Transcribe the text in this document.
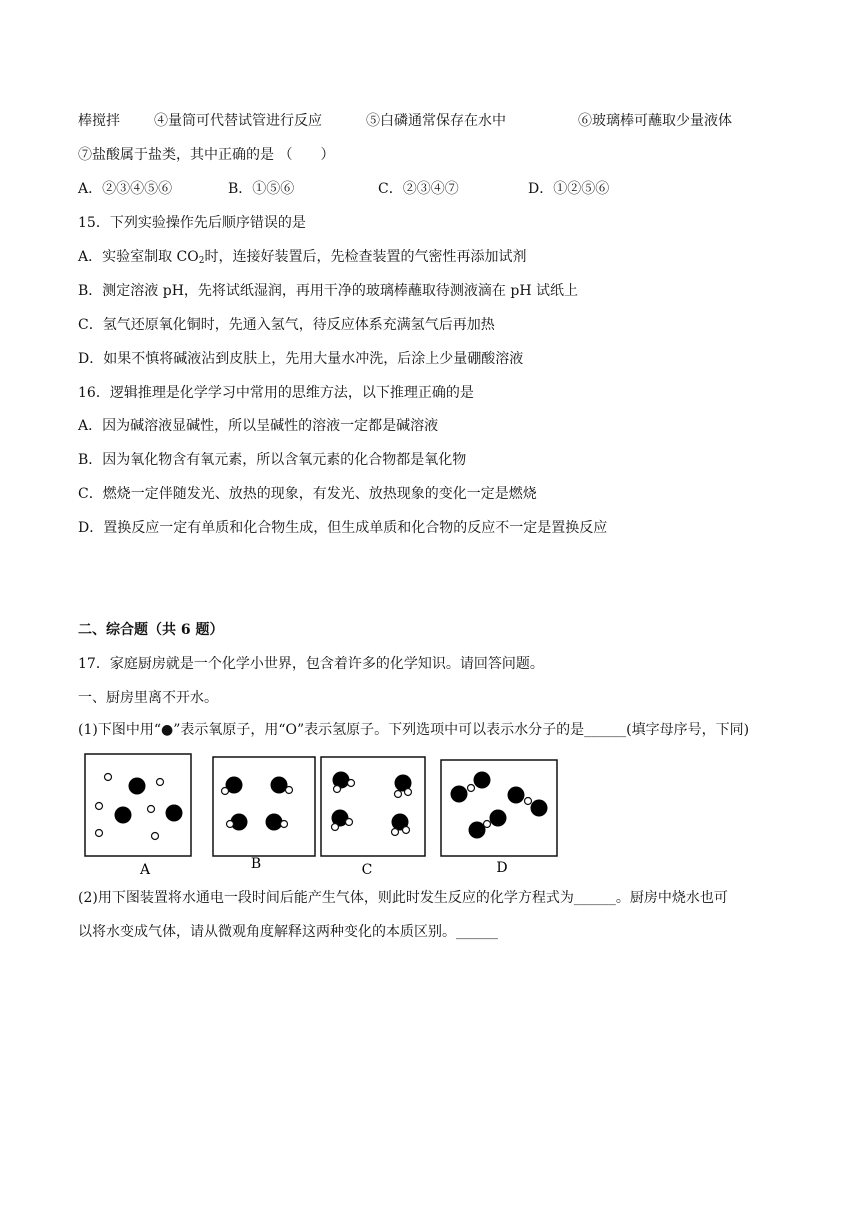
棒搅拌 ④量筒可代替试管进行反应	⑤白磷通常保存在水中	⑥玻璃棒可蘸取少量液体
⑦盐酸属于盐类，其中正确的是 （　　）
A．②③④⑤⑥	B．①⑤⑥	C．②③④⑦	D．①②⑤⑥
15．下列实验操作先后顺序错误的是
A．实验室制取 $CO_2$时，连接好装置后，先检查装置的气密性再添加试剂
B．测定溶液 pH，先将试纸湿润，再用干净的玻璃棒蘸取待测液滴在 pH 试纸上
C．氢气还原氧化铜时，先通入氢气，待反应体系充满氢气后再加热
D．如果不慎将碱液沾到皮肤上，先用大量水冲洗，后涂上少量硼酸溶液
16．逻辑推理是化学学习中常用的思维方法，以下推理正确的是
A．因为碱溶液显碱性，所以呈碱性的溶液一定都是碱溶液
B．因为氧化物含有氧元素，所以含氧元素的化合物都是氧化物
C．燃烧一定伴随发光、放热的现象，有发光、放热现象的变化一定是燃烧
D．置换反应一定有单质和化合物生成，但生成单质和化合物的反应不一定是置换反应
二、综合题（共 6 题）
17．家庭厨房就是一个化学小世界，包含着许多的化学知识。请回答问题。
一、厨房里离不开水。
(1)下图中用“●”表示氧原子，用“O”表示氢原子。下列选项中可以表示水分子的是______(填字母序号，下同)
A	B	C	D
(2)用下图装置将水通电一段时间后能产生气体，则此时发生反应的化学方程式为______。厨房中烧水也可
以将水变成气体，请从微观角度解释这两种变化的本质区别。______
